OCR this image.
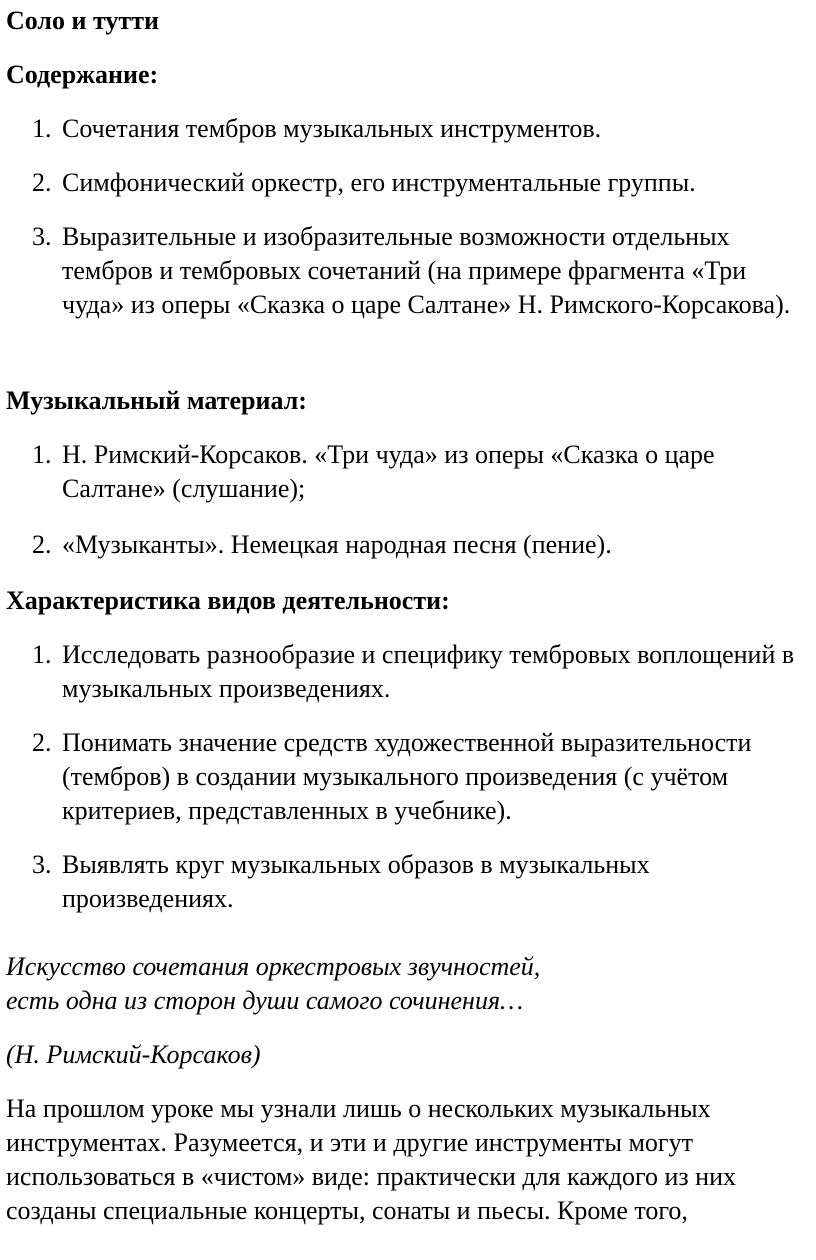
Соло и тутти

Содержание:

1. Сочетания тембров музыкальных инструментов.
2. Симфонический оркестр, его инструментальные группы.
3. Выразительные и изобразительные возможности отдельных тембров и тембровых сочетаний (на примере фрагмента «Три чуда» из оперы «Сказка о царе Салтане» Н. Римского-Корсакова).

Музыкальный материал:

1. Н. Римский-Корсаков. «Три чуда» из оперы «Сказка о царе Салтане» (слушание);
2. «Музыканты». Немецкая народная песня (пение).

Характеристика видов деятельности:

1. Исследовать разнообразие и специфику тембровых воплощений в музыкальных произведениях.
2. Понимать значение средств художественной выразительности (тембров) в создании музыкального произведения (с учётом критериев, представленных в учебнике).
3. Выявлять круг музыкальных образов в музыкальных произведениях.

Искусство сочетания оркестровых звучностей,

есть одна из сторон души самого сочинения…

(Н. Римский-Корсаков)

На прошлом уроке мы узнали лишь о нескольких музыкальных инструментах. Разумеется, и эти и другие инструменты могут использоваться в «чистом» виде: практически для каждого из них созданы специальные концерты, сонаты и пьесы. Кроме того,
